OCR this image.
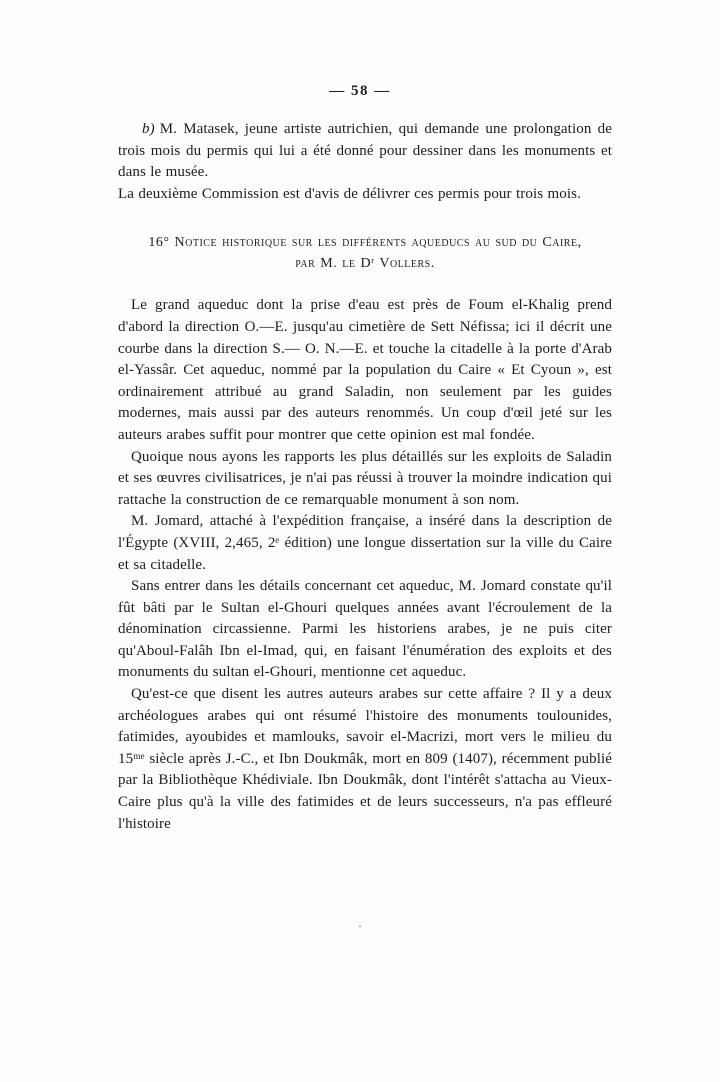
— 58 —

b) M. Matasek, jeune artiste autrichien, qui demande une prolongation de trois mois du permis qui lui a été donné pour dessiner dans les monuments et dans le musée.

La deuxième Commission est d'avis de délivrer ces permis pour trois mois.

16° Notice historique sur les différents aqueducs au sud du Caire, par M. le Dʳ Vollers.

Le grand aqueduc dont la prise d'eau est près de Foum el-Khalig prend d'abord la direction O.—E. jusqu'au cimetière de Sett Néfissa; ici il décrit une courbe dans la direction S.— O. N.—E. et touche la citadelle à la porte d'Arab el-Yassâr. Cet aqueduc, nommé par la population du Caire « Et Cyoun », est ordinairement attribué au grand Saladin, non seulement par les guides modernes, mais aussi par des auteurs renommés. Un coup d'œil jeté sur les auteurs arabes suffit pour montrer que cette opinion est mal fondée.

Quoique nous ayons les rapports les plus détaillés sur les exploits de Saladin et ses œuvres civilisatrices, je n'ai pas réussi à trouver la moindre indication qui rattache la construction de ce remarquable monument à son nom.

M. Jomard, attaché à l'expédition française, a inséré dans la description de l'Égypte (XVIII, 2,465, 2ᵉ édition) une longue dissertation sur la ville du Caire et sa citadelle.

Sans entrer dans les détails concernant cet aqueduc, M. Jomard constate qu'il fût bâti par le Sultan el-Ghouri quelques années avant l'écroulement de la dénomination circassienne. Parmi les historiens arabes, je ne puis citer qu'Aboul-Falâh Ibn el-Imad, qui, en faisant l'énumération des exploits et des monuments du sultan el-Ghouri, mentionne cet aqueduc.

Qu'est-ce que disent les autres auteurs arabes sur cette affaire ? Il y a deux archéologues arabes qui ont résumé l'histoire des monuments toulounides, fatimides, ayoubides et mamlouks, savoir el-Macrizi, mort vers le milieu du 15ᵐᵉ siècle après J.-C., et Ibn Doukmâk, mort en 809 (1407), récemment publié par la Bibliothèque Khédiviale. Ibn Doukmâk, dont l'intérêt s'attacha au Vieux-Caire plus qu'à la ville des fatimides et de leurs successeurs, n'a pas effleuré l'histoire

.
